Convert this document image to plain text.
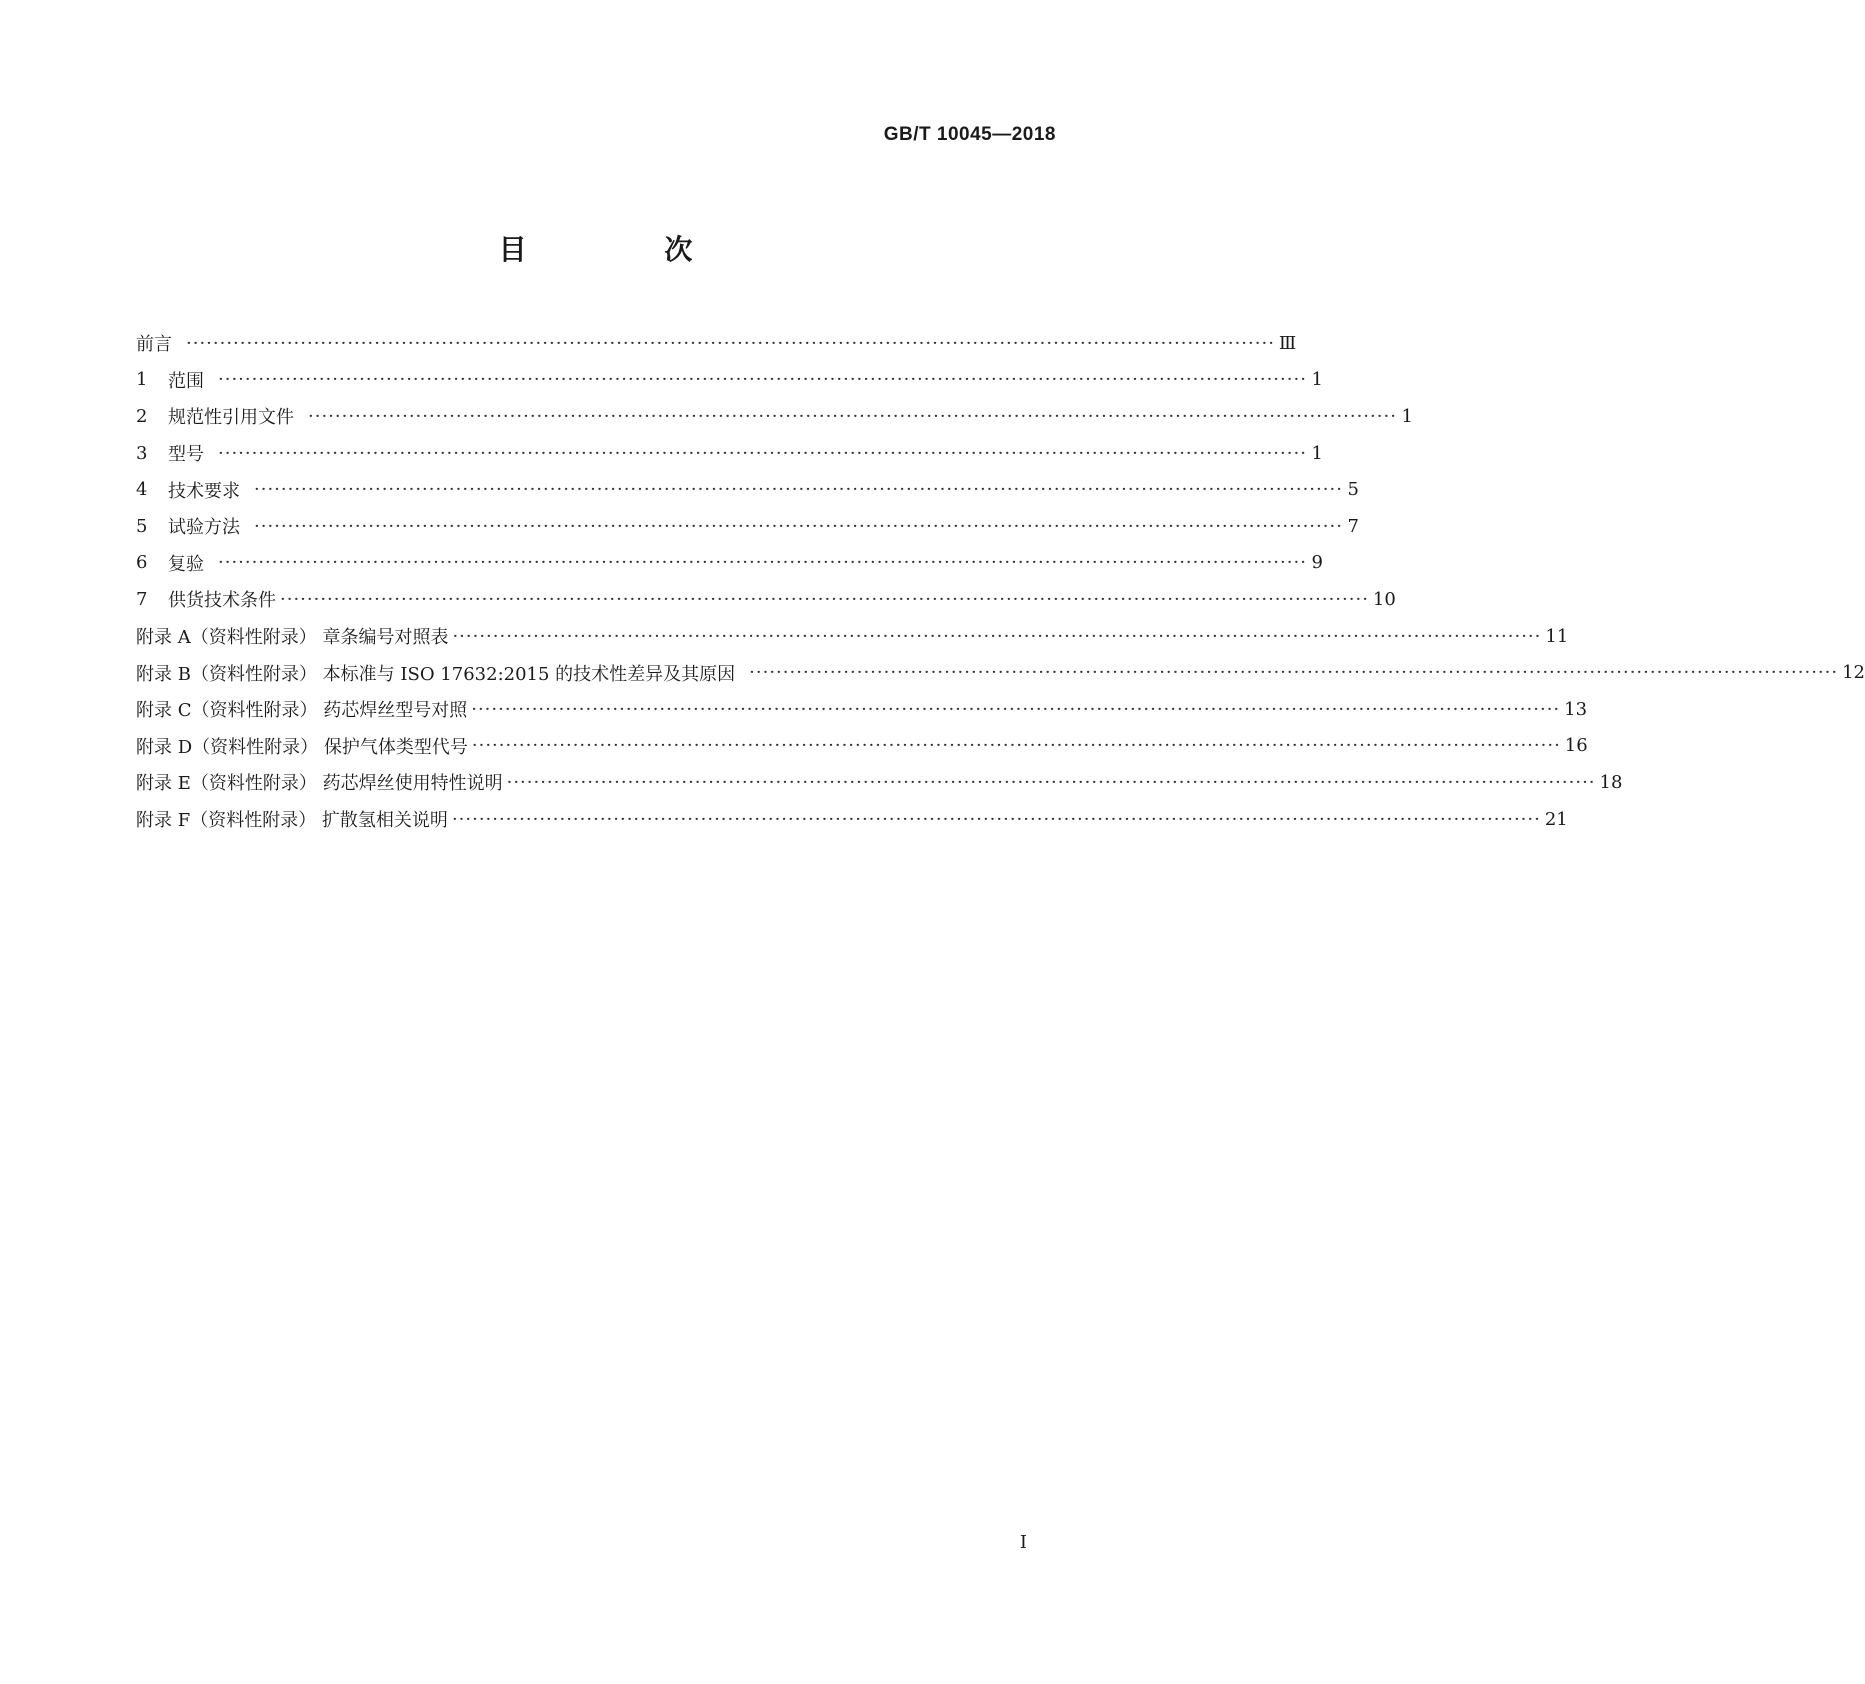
GB/T 10045—2018
目 次
前言 ·································································································································································· Ⅲ
1	范围 ·································································································································································· 1
2	规范性引用文件 ·································································································································································· 1
3	型号 ·································································································································································· 1
4	技术要求 ·································································································································································· 5
5	试验方法 ·································································································································································· 7
6	复验 ·································································································································································· 9
7	供货技术条件 ·································································································································································· 10
附录 A（资料性附录） 章条编号对照表 ·································································································································································· 11
附录 B（资料性附录） 本标准与 ISO 17632:2015 的技术性差异及其原因 ·································································································································································· 12
附录 C（资料性附录） 药芯焊丝型号对照 ·································································································································································· 13
附录 D（资料性附录） 保护气体类型代号 ·································································································································································· 16
附录 E（资料性附录） 药芯焊丝使用特性说明 ·································································································································································· 18
附录 F（资料性附录） 扩散氢相关说明 ·································································································································································· 21
I
